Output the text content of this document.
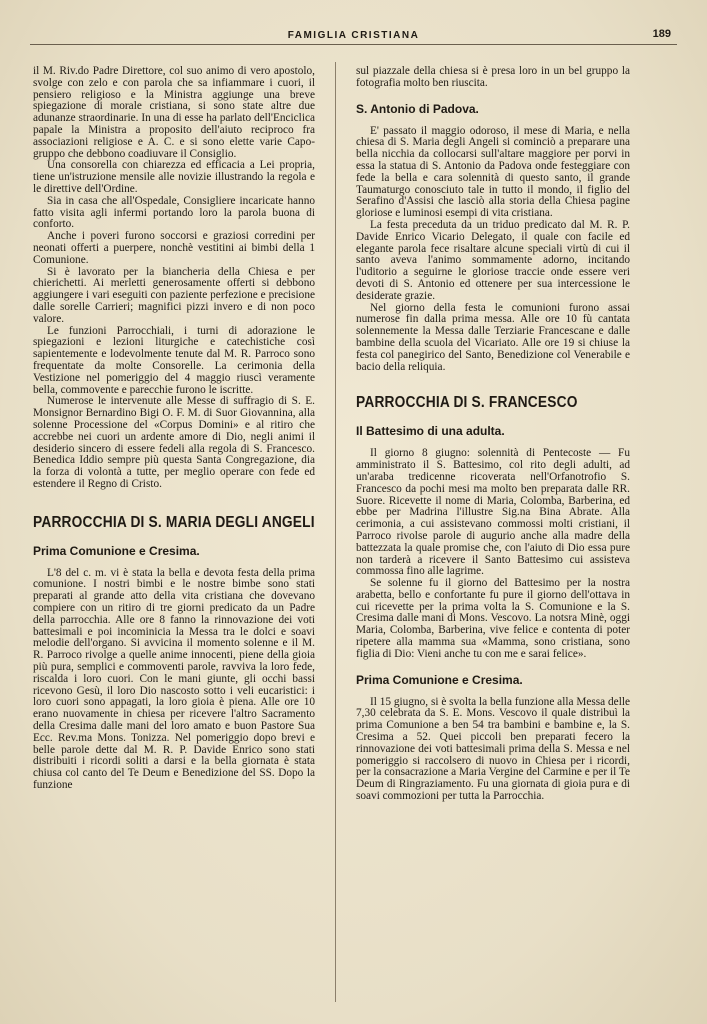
FAMIGLIA CRISTIANA	189

il M. Riv.do Padre Direttore, col suo animo di vero apostolo, svolge con zelo e con parola che sa infiammare i cuori, il pensiero religioso e la Ministra aggiunge una breve spiegazione di morale cristiana, si sono state altre due adunanze straordinarie. In una di esse ha parlato dell'Enciclica papale la Ministra a proposito dell'aiuto reciproco fra associazioni religiose e A. C. e si sono elette varie Capo-gruppo che debbono coadiuvare il Consiglio.

Una consorella con chiarezza ed efficacia a Lei propria, tiene un'istruzione mensile alle novizie illustrando la regola e le direttive dell'Ordine.

Sia in casa che all'Ospedale, Consigliere incaricate hanno fatto visita agli infermi portando loro la parola buona di conforto.

Anche i poveri furono soccorsi e graziosi corredini per neonati offerti a puerpere, nonchè vestitini ai bimbi della 1 Comunione.

Si è lavorato per la biancheria della Chiesa e per chierichetti. Ai merletti generosamente offerti si debbono aggiungere i vari eseguiti con paziente perfezione e precisione dalle sorelle Carrieri; magnifici pizzi invero e di non poco valore.

Le funzioni Parrocchiali, i turni di adorazione le spiegazioni e lezioni liturgiche e catechistiche così sapientemente e lodevolmente tenute dal M. R. Parroco sono frequentate da molte Consorelle. La cerimonia della Vestizione nel pomeriggio del 4 maggio riuscì veramente bella, commovente e parecchie furono le iscritte.

Numerose le intervenute alle Messe di suffragio di S. E. Monsignor Bernardino Bigi O. F. M. di Suor Giovannina, alla solenne Processione del «Corpus Domini» e al ritiro che accrebbe nei cuori un ardente amore di Dio, negli animi il desiderio sincero di essere fedeli alla regola di S. Francesco. Benedica Iddio sempre più questa Santa Congregazione, dia la forza di volontà a tutte, per meglio operare con fede ed estendere il Regno di Cristo.

PARROCCHIA DI S. MARIA DEGLI ANGELI
Prima Comunione e Cresima.

L'8 del c. m. vi è stata la bella e devota festa della prima comunione. I nostri bimbi e le nostre bimbe sono stati preparati al grande atto della vita cristiana che dovevano compiere con un ritiro di tre giorni predicato da un Padre della parrocchia. Alle ore 8 fanno la rinnovazione dei voti battesimali e poi incominicia la Messa tra le dolci e soavi melodie dell'organo. Si avvicina il momento solenne e il M. R. Parroco rivolge a quelle anime innocenti, piene della gioia più pura, semplici e commoventi parole, ravviva la loro fede, riscalda i loro cuori. Con le mani giunte, gli occhi bassi ricevono Gesù, il loro Dio nascosto sotto i veli eucaristici: i loro cuori sono appagati, la loro gioia è piena. Alle ore 10 erano nuovamente in chiesa per ricevere l'altro Sacramento della Cresima dalle mani del loro amato e buon Pastore Sua Ecc. Rev.ma Mons. Tonizza. Nel pomeriggio dopo brevi e belle parole dette dal M. R. P. Davide Enrico sono stati distribuiti i ricordi soliti a darsi e la bella giornata è stata chiusa col canto del Te Deum e Benedizione del SS. Dopo la funzione

sul piazzale della chiesa si è presa loro in un bel gruppo la fotografia molto ben riuscita.

S. Antonio di Padova.

E' passato il maggio odoroso, il mese di Maria, e nella chiesa di S. Maria degli Angeli si cominciò a preparare una bella nicchia da collocarsi sull'altare maggiore per porvi in essa la statua di S. Antonio da Padova onde festeggiare con fede la bella e cara solennità di questo santo, il grande Taumaturgo conosciuto tale in tutto il mondo, il figlio del Serafino d'Assisi che lasciò alla storia della Chiesa pagine gloriose e luminosi esempi di vita cristiana.

La festa preceduta da un triduo predicato dal M. R. P. Davide Enrico Vicario Delegato, il quale con facile ed elegante parola fece risaltare alcune speciali virtù di cui il santo aveva l'animo sommamente adorno, incitando l'uditorio a seguirne le gloriose traccie onde essere veri devoti di S. Antonio ed ottenere per sua intercessione le desiderate grazie.

Nel giorno della festa le comunioni furono assai numerose fin dalla prima messa. Alle ore 10 fù cantata solennemente la Messa dalle Terziarie Francescane e dalle bambine della scuola del Vicariato. Alle ore 19 si chiuse la festa col panegirico del Santo, Benedizione col Venerabile e bacio della reliquia.

PARROCCHIA DI S. FRANCESCO
Il Battesimo di una adulta.

Il giorno 8 giugno: solennità di Pentecoste — Fu amministrato il S. Battesimo, col rito degli adulti, ad un'araba tredicenne ricoverata nell'Orfanotrofio S. Francesco da pochi mesi ma molto ben preparata dalle RR. Suore. Ricevette il nome di Maria, Colomba, Barberina, ed ebbe per Madrina l'illustre Sig.na Bina Abrate. Alla cerimonia, a cui assistevano commossi molti cristiani, il Parroco rivolse parole di augurio anche alla madre della battezzata la quale promise che, con l'aiuto di Dio essa pure non tarderà a ricevere il Santo Battesimo cui assisteva commossa fino alle lagrime.

Se solenne fu il giorno del Battesimo per la nostra arabetta, bello e confortante fu pure il giorno dell'ottava in cui ricevette per la prima volta la S. Comunione e la S. Cresima dalle mani di Mons. Vescovo. La notsra Minè, oggi Maria, Colomba, Barberina, vive felice e contenta di poter ripetere alla mamma sua «Mamma, sono cristiana, sono figlia di Dio: Vieni anche tu con me e sarai felice».

Prima Comunione e Cresima.

Il 15 giugno, si è svolta la bella funzione alla Messa delle 7,30 celebrata da S. E. Mons. Vescovo il quale distribuì la prima Comunione a ben 54 tra bambini e bambine e, la S. Cresima a 52. Quei piccoli ben preparati fecero la rinnovazione dei voti battesimali prima della S. Messa e nel pomeriggio si raccolsero di nuovo in Chiesa per i ricordi, per la consacrazione a Maria Vergine del Carmine e per il Te Deum di Ringraziamento. Fu una giornata di gioia pura e di soavi commozioni per tutta la Parrocchia.
